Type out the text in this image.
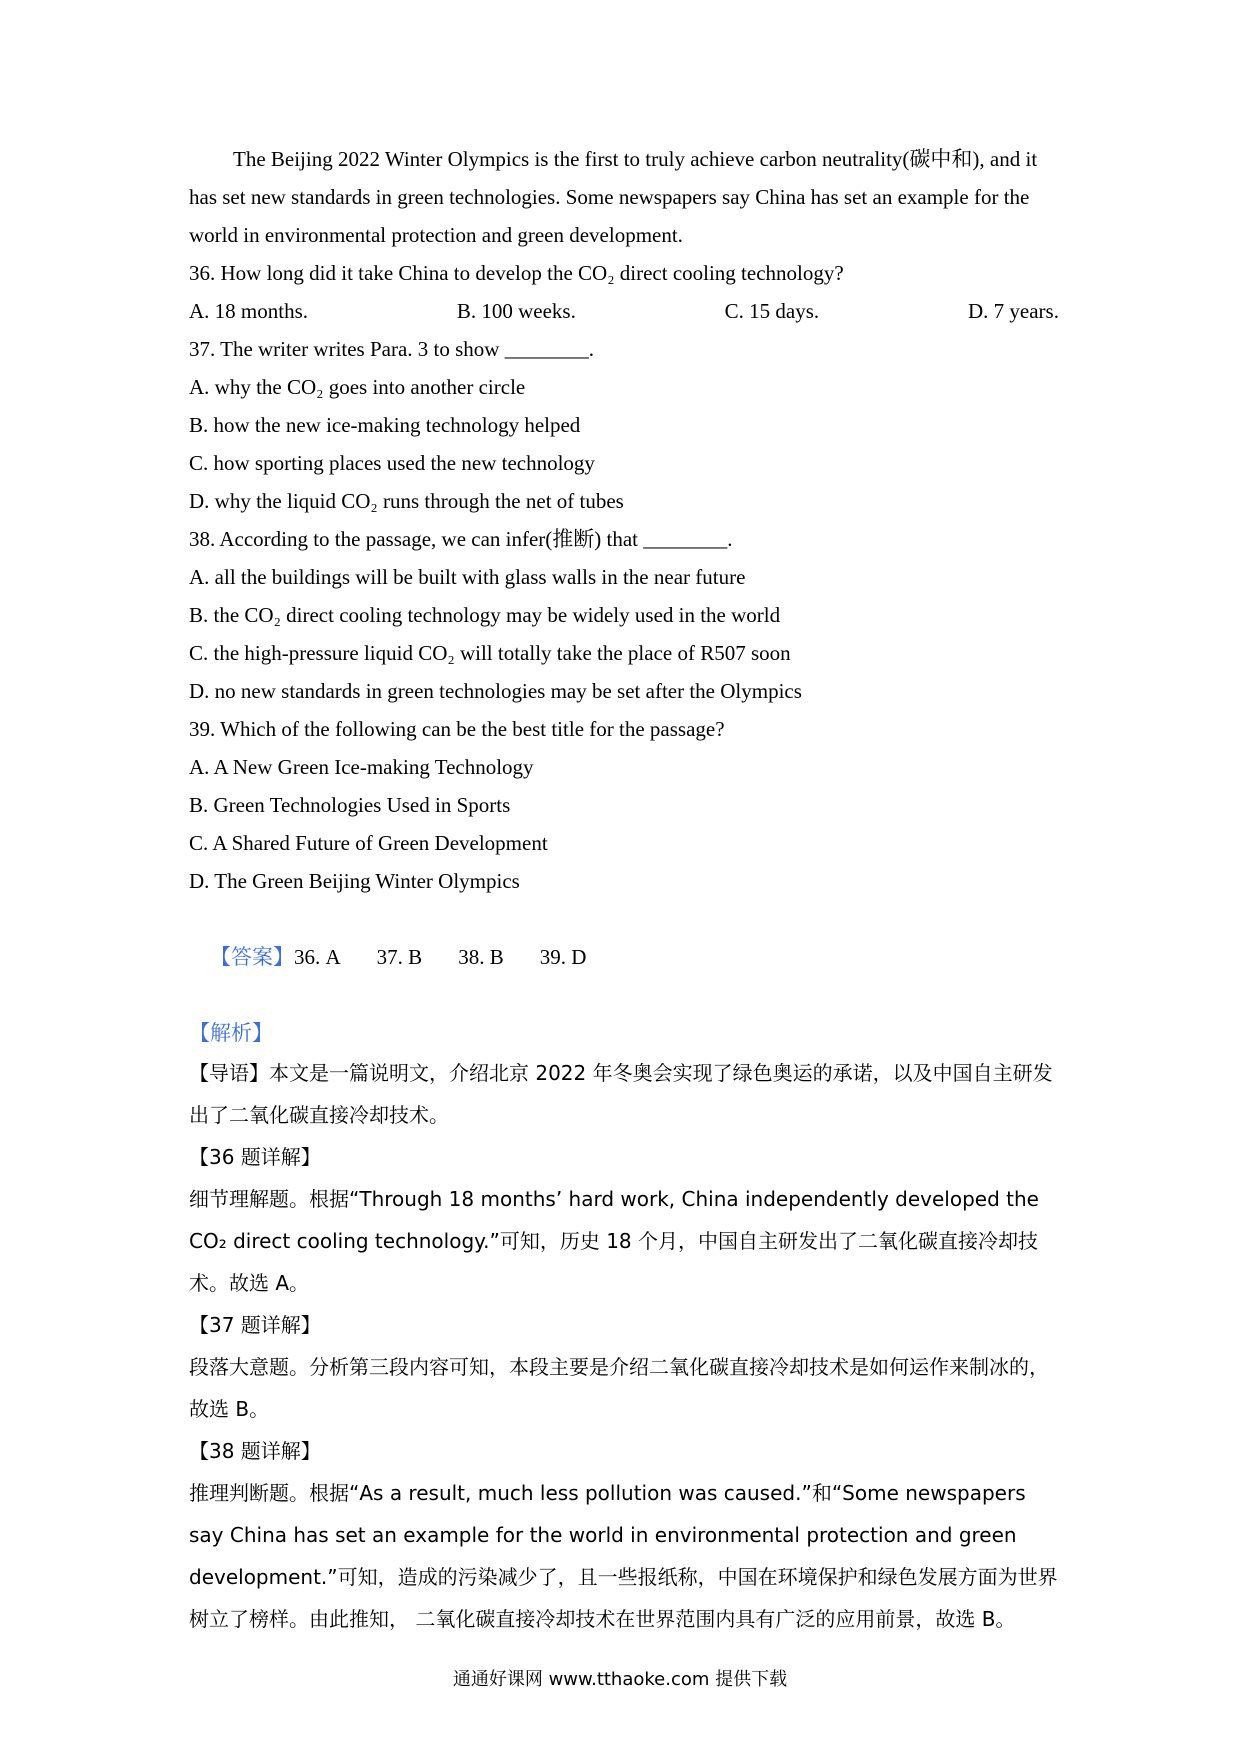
The Beijing 2022 Winter Olympics is the first to truly achieve carbon neutrality(碳中和), and it has set new standards in green technologies. Some newspapers say China has set an example for the world in environmental protection and green development.
36. How long did it take China to develop the CO₂ direct cooling technology?
A. 18 months.	B. 100 weeks.	C. 15 days.	D. 7 years.
37. The writer writes Para. 3 to show ________.
A. why the CO₂ goes into another circle
B. how the new ice-making technology helped
C. how sporting places used the new technology
D. why the liquid CO₂ runs through the net of tubes
38. According to the passage, we can infer(推断) that ________.
A. all the buildings will be built with glass walls in the near future
B. the CO₂ direct cooling technology may be widely used in the world
C. the high-pressure liquid CO₂ will totally take the place of R507 soon
D. no new standards in green technologies may be set after the Olympics
39. Which of the following can be the best title for the passage?
A. A New Green Ice-making Technology
B. Green Technologies Used in Sports
C. A Shared Future of Green Development
D. The Green Beijing Winter Olympics

【答案】36. A 37. B 38. B 39. D

【解析】
【导语】本文是一篇说明文，介绍北京 2022 年冬奥会实现了绿色奥运的承诺，以及中国自主研发出了二氧化碳直接冷却技术。
【36 题详解】
细节理解题。根据“Through 18 months’ hard work, China independently developed the CO₂ direct cooling technology.”可知，历史 18 个月，中国自主研发出了二氧化碳直接冷却技术。故选 A。
【37 题详解】
段落大意题。分析第三段内容可知，本段主要是介绍二氧化碳直接冷却技术是如何运作来制冰的，故选 B。
【38 题详解】
推理判断题。根据“As a result, much less pollution was caused.”和“Some newspapers say China has set an example for the world in environmental protection and green development.”可知，造成的污染减少了，且一些报纸称，中国在环境保护和绿色发展方面为世界树立了榜样。由此推知， 二氧化碳直接冷却技术在世界范围内具有广泛的应用前景，故选 B。
通通好课网 www.tthaoke.com 提供下载
